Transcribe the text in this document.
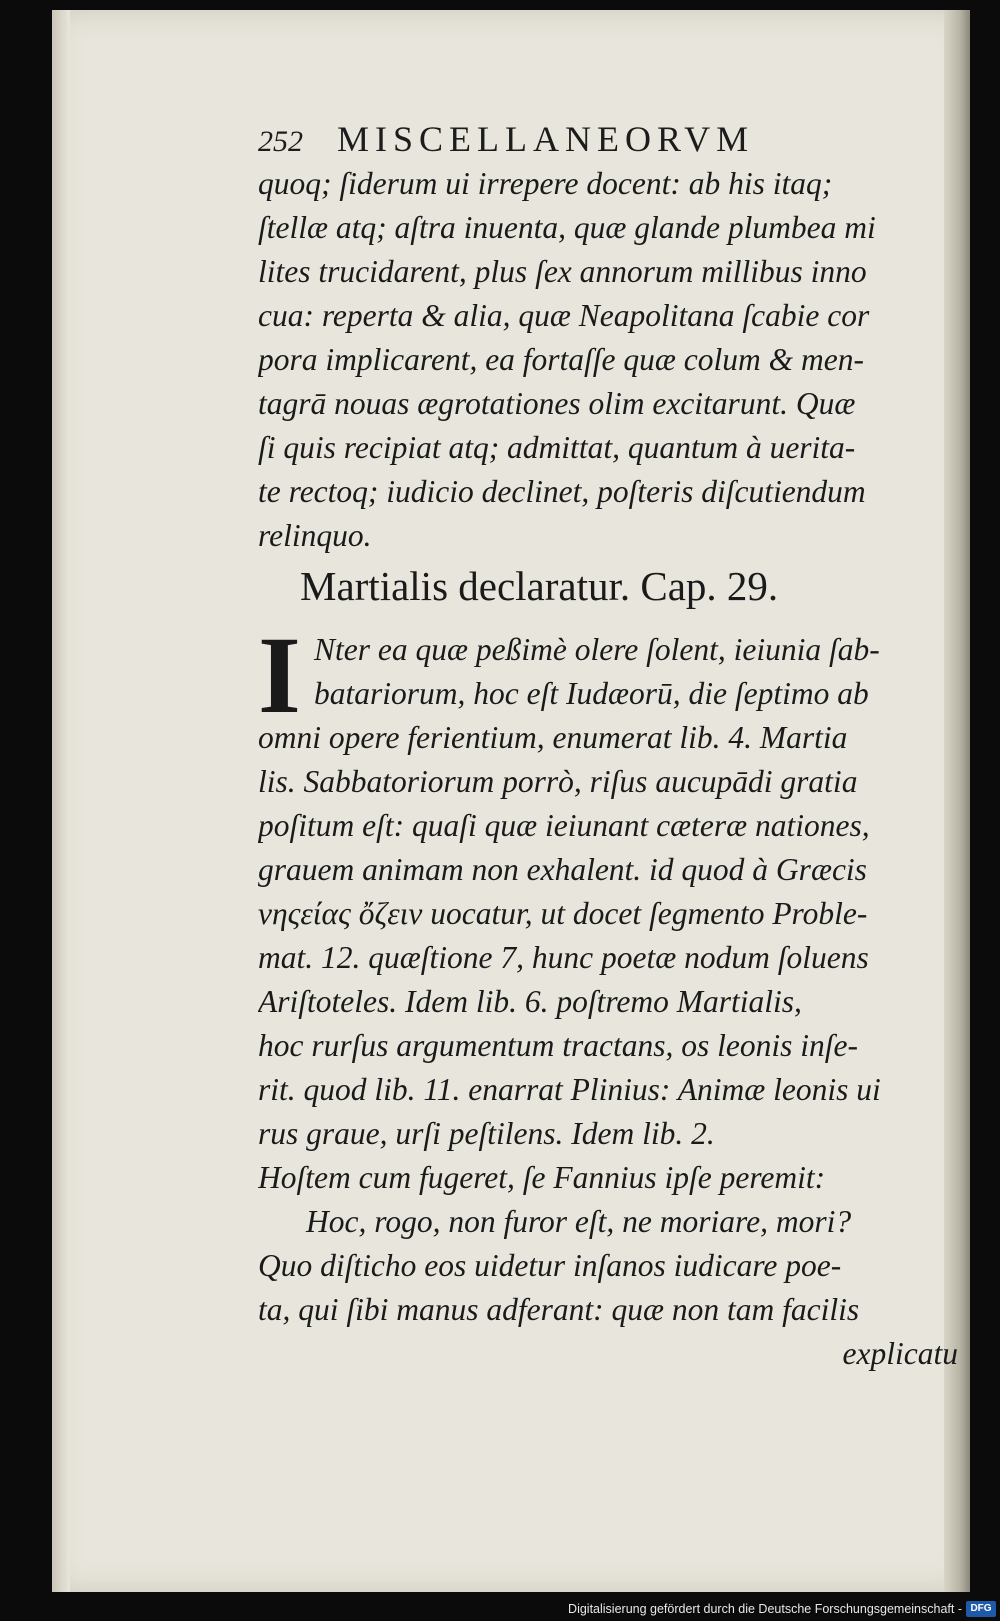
252 MISCELLANEORVM
quoq; ſiderum ui irrepere docent: ab his itaq;
ſtellæ atq; aſtra inuenta, quæ glande plumbea mi
lites trucidarent, plus ſex annorum millibus inno
cua: reperta & alia, quæ Neapolitana ſcabie cor
pora implicarent, ea fortaſſe quæ colum & men-
tagrā nouas ægrotationes olim excitarunt. Quæ
ſi quis recipiat atq; admittat, quantum à uerita-
te rectoq; iudicio declinet, poſteris diſcutiendum
relinquo.
Martialis declaratur. Cap. 29.
I Nter ea quæ peßimè olere ſolent, ieiunia ſab-
batariorum, hoc eſt Iudæorū, die ſeptimo ab
omni opere ferientium, enumerat lib. 4. Martia
lis. Sabbatoriorum porrò, riſus aucupādi gratia
poſitum eſt: quaſi quæ ieiunant cæteræ nationes,
grauem animam non exhalent. id quod à Græcis
νηςείας ὄζειν uocatur, ut docet ſegmento Proble-
mat. 12. quæſtione 7, hunc poetæ nodum ſoluens
Ariſtoteles. Idem lib. 6. poſtremo Martialis,
hoc rurſus argumentum tractans, os leonis inſe-
rit. quod lib. 11. enarrat Plinius: Animæ leonis ui
rus graue, urſi peſtilens. Idem lib. 2.
Hoſtem cum fugeret, ſe Fannius ipſe peremit:
Hoc, rogo, non furor eſt, ne moriare, mori?
Quo diſticho eos uidetur inſanos iudicare poe-
ta, qui ſibi manus adferant: quæ non tam facilis
explicatu
Digitalisierung gefördert durch die Deutsche Forschungsgemeinschaft - DFG
